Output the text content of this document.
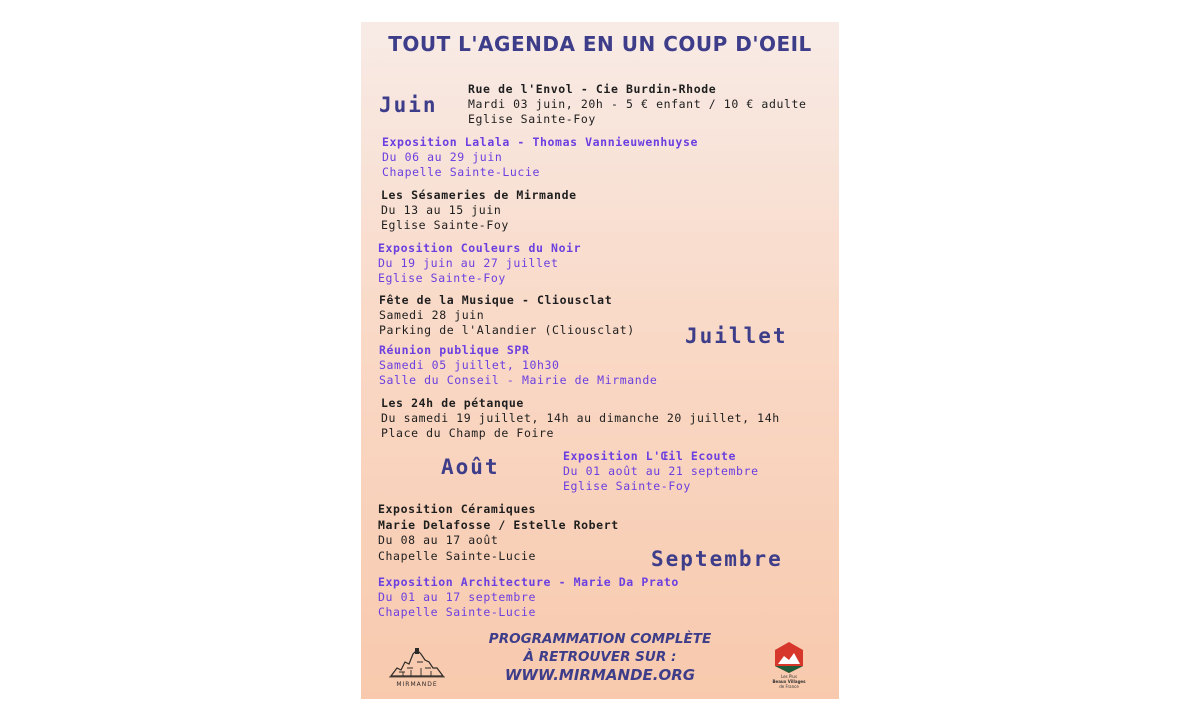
TOUT L'AGENDA EN UN COUP D'OEIL
Juin
Juillet
Août
Septembre
Rue de l'Envol - Cie Burdin-Rhode
Mardi 03 juin, 20h - 5 € enfant / 10 € adulte
Eglise Sainte-Foy
Exposition Lalala - Thomas Vannieuwenhuyse
Du 06 au 29 juin
Chapelle Sainte-Lucie
Les Sésameries de Mirmande
Du 13 au 15 juin
Eglise Sainte-Foy
Exposition Couleurs du Noir
Du 19 juin au 27 juillet
Eglise Sainte-Foy
Fête de la Musique - Cliousclat
Samedi 28 juin
Parking de l'Alandier (Cliousclat)
Réunion publique SPR
Samedi 05 juillet, 10h30
Salle du Conseil - Mairie de Mirmande
Les 24h de pétanque
Du samedi 19 juillet, 14h au dimanche 20 juillet, 14h
Place du Champ de Foire
Exposition L'Œil Ecoute
Du 01 août au 21 septembre
Eglise Sainte-Foy
Exposition Céramiques
Marie Delafosse / Estelle Robert
Du 08 au 17 août
Chapelle Sainte-Lucie
Exposition Architecture - Marie Da Prato
Du 01 au 17 septembre
Chapelle Sainte-Lucie
PROGRAMMATION COMPLÈTE
À RETROUVER SUR :
WWW.MIRMANDE.ORG
MIRMANDE
Les Plus
Beaux Villages
de France
